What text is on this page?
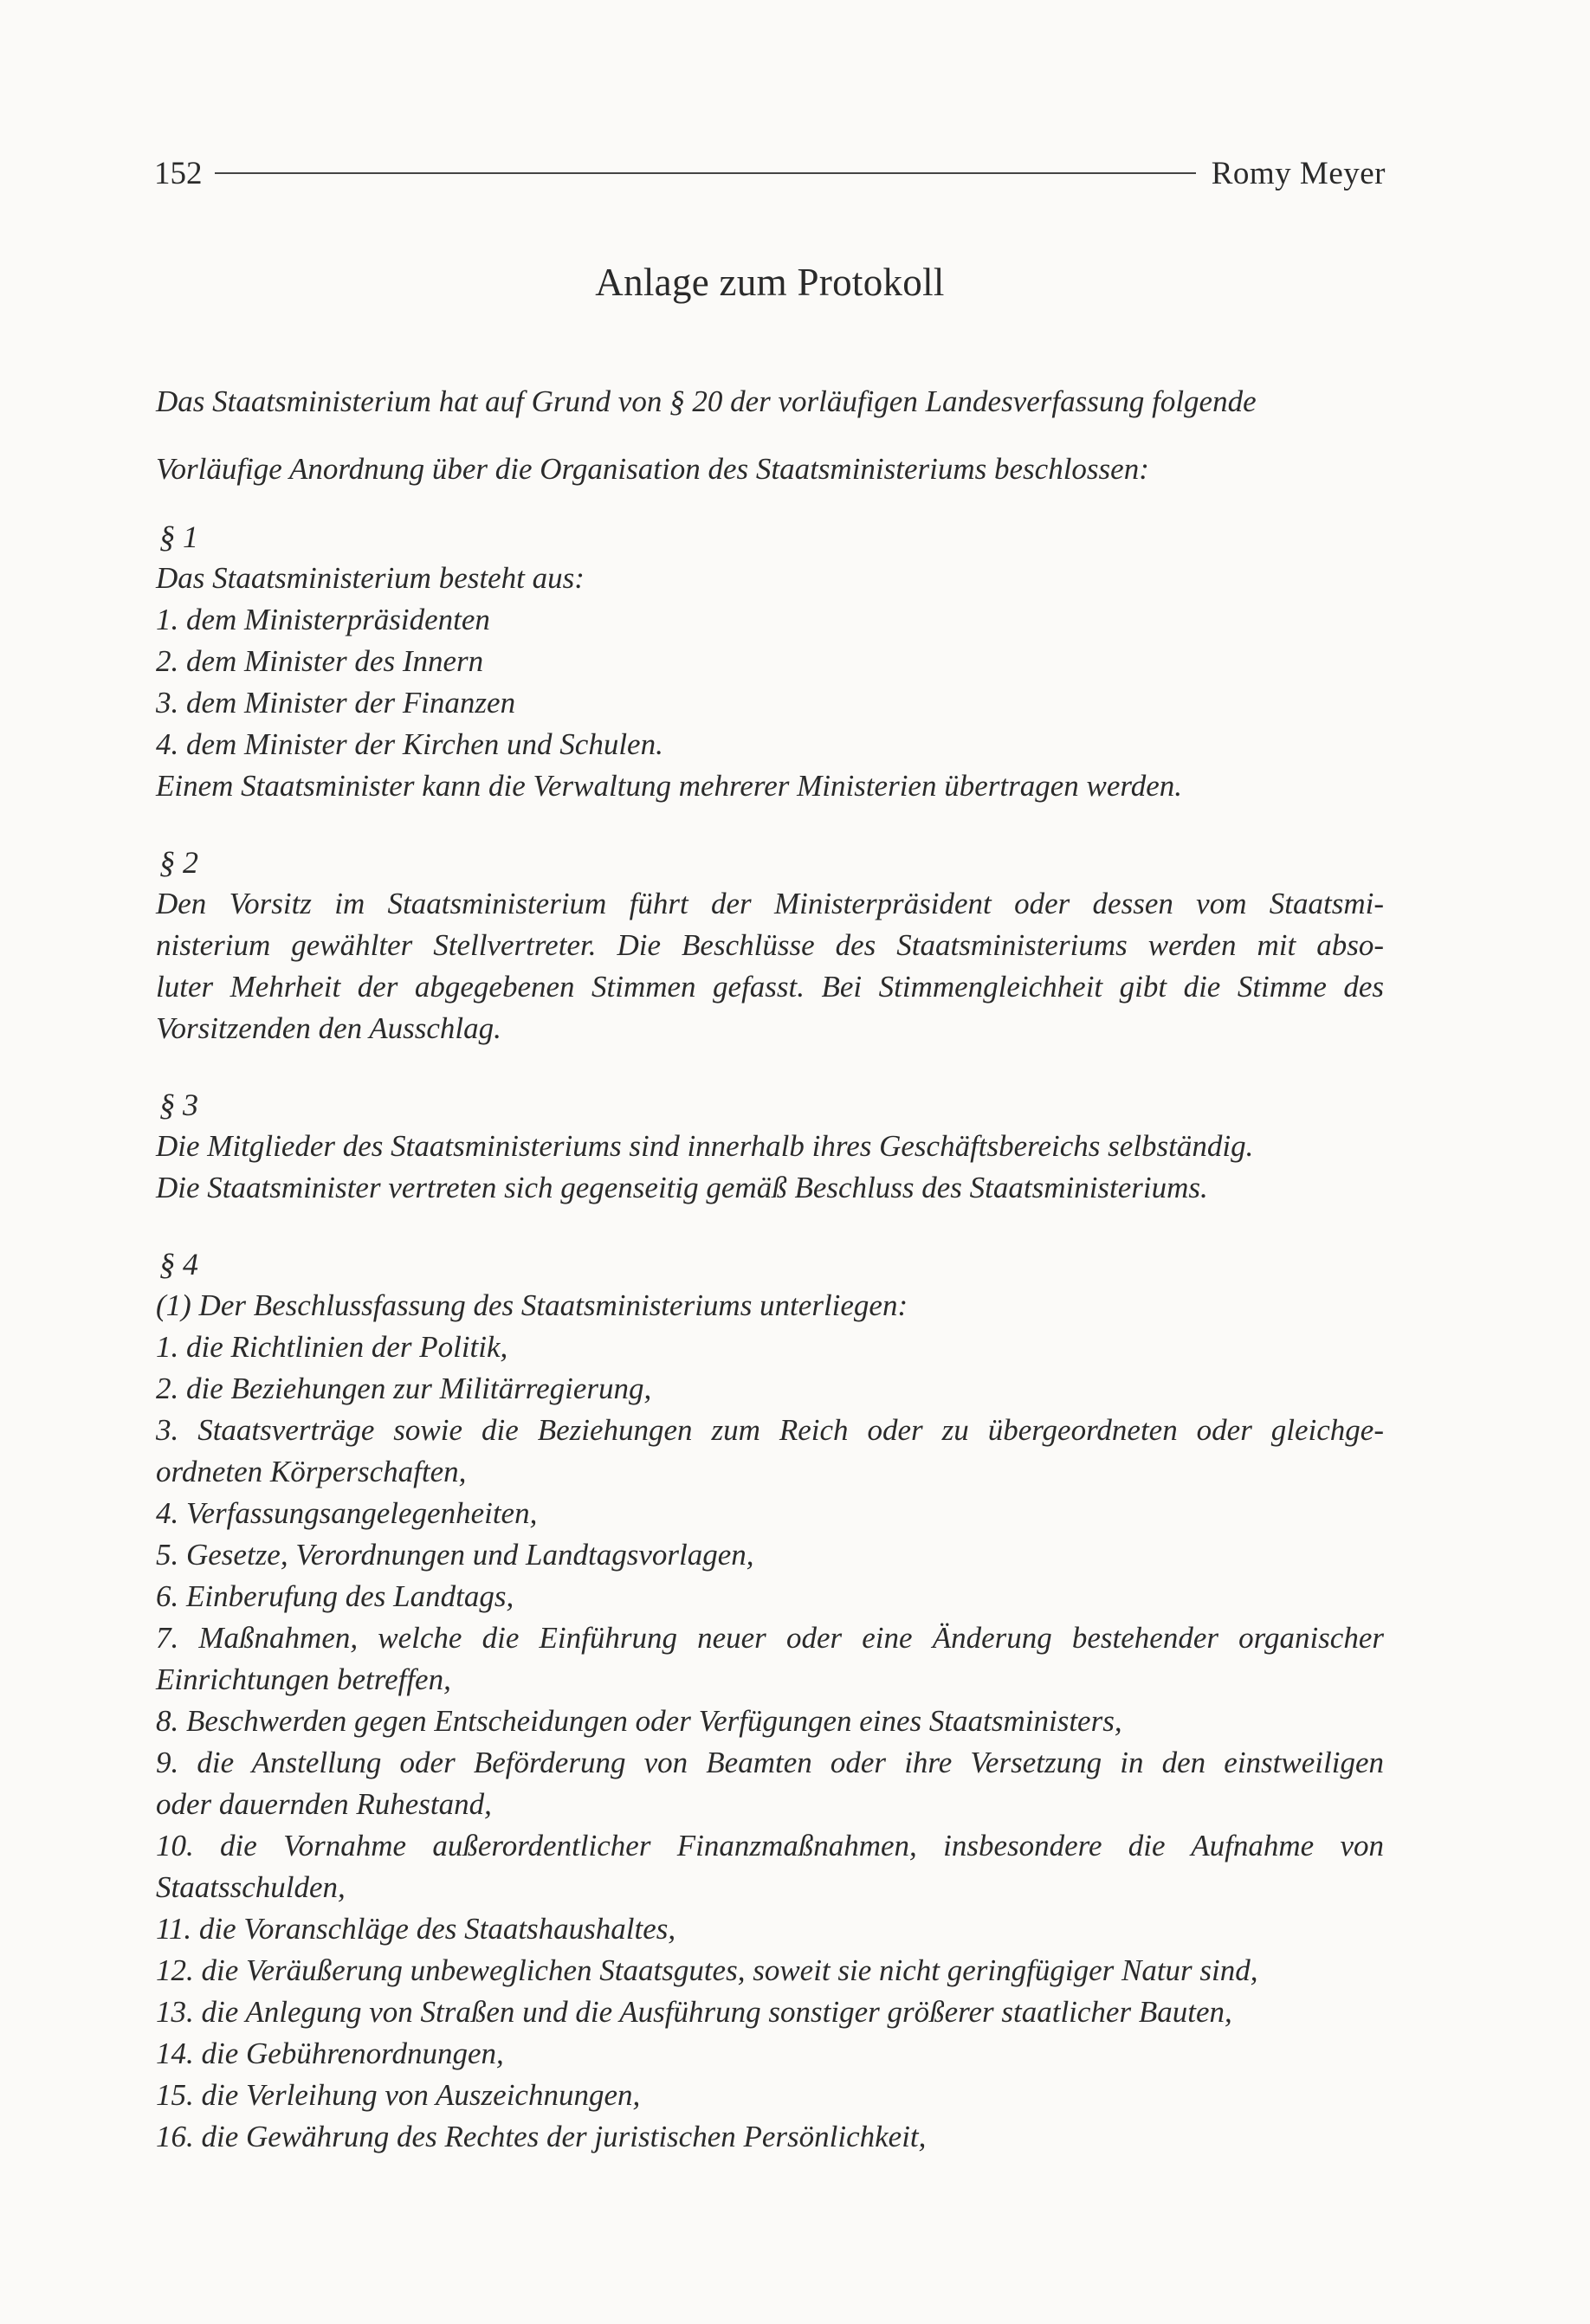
152	Romy Meyer
Anlage zum Protokoll
Das Staatsministerium hat auf Grund von § 20 der vorläufigen Landesverfassung folgende
Vorläufige Anordnung über die Organisation des Staatsministeriums beschlossen:
§ 1
Das Staatsministerium besteht aus:
1. dem Ministerpräsidenten
2. dem Minister des Innern
3. dem Minister der Finanzen
4. dem Minister der Kirchen und Schulen.
Einem Staatsminister kann die Verwaltung mehrerer Ministerien übertragen werden.
§ 2
Den Vorsitz im Staatsministerium führt der Ministerpräsident oder dessen vom Staatsmi-
nisterium gewählter Stellvertreter. Die Beschlüsse des Staatsministeriums werden mit abso-
luter Mehrheit der abgegebenen Stimmen gefasst. Bei Stimmengleichheit gibt die Stimme des
Vorsitzenden den Ausschlag.
§ 3
Die Mitglieder des Staatsministeriums sind innerhalb ihres Geschäftsbereichs selbständig.
Die Staatsminister vertreten sich gegenseitig gemäß Beschluss des Staatsministeriums.
§ 4
(1) Der Beschlussfassung des Staatsministeriums unterliegen:
1. die Richtlinien der Politik,
2. die Beziehungen zur Militärregierung,
3. Staatsverträge sowie die Beziehungen zum Reich oder zu übergeordneten oder gleichge-
ordneten Körperschaften,
4. Verfassungsangelegenheiten,
5. Gesetze, Verordnungen und Landtagsvorlagen,
6. Einberufung des Landtags,
7. Maßnahmen, welche die Einführung neuer oder eine Änderung bestehender organischer
Einrichtungen betreffen,
8. Beschwerden gegen Entscheidungen oder Verfügungen eines Staatsministers,
9. die Anstellung oder Beförderung von Beamten oder ihre Versetzung in den einstweiligen
oder dauernden Ruhestand,
10. die Vornahme außerordentlicher Finanzmaßnahmen, insbesondere die Aufnahme von
Staatsschulden,
11. die Voranschläge des Staatshaushaltes,
12. die Veräußerung unbeweglichen Staatsgutes, soweit sie nicht geringfügiger Natur sind,
13. die Anlegung von Straßen und die Ausführung sonstiger größerer staatlicher Bauten,
14. die Gebührenordnungen,
15. die Verleihung von Auszeichnungen,
16. die Gewährung des Rechtes der juristischen Persönlichkeit,
